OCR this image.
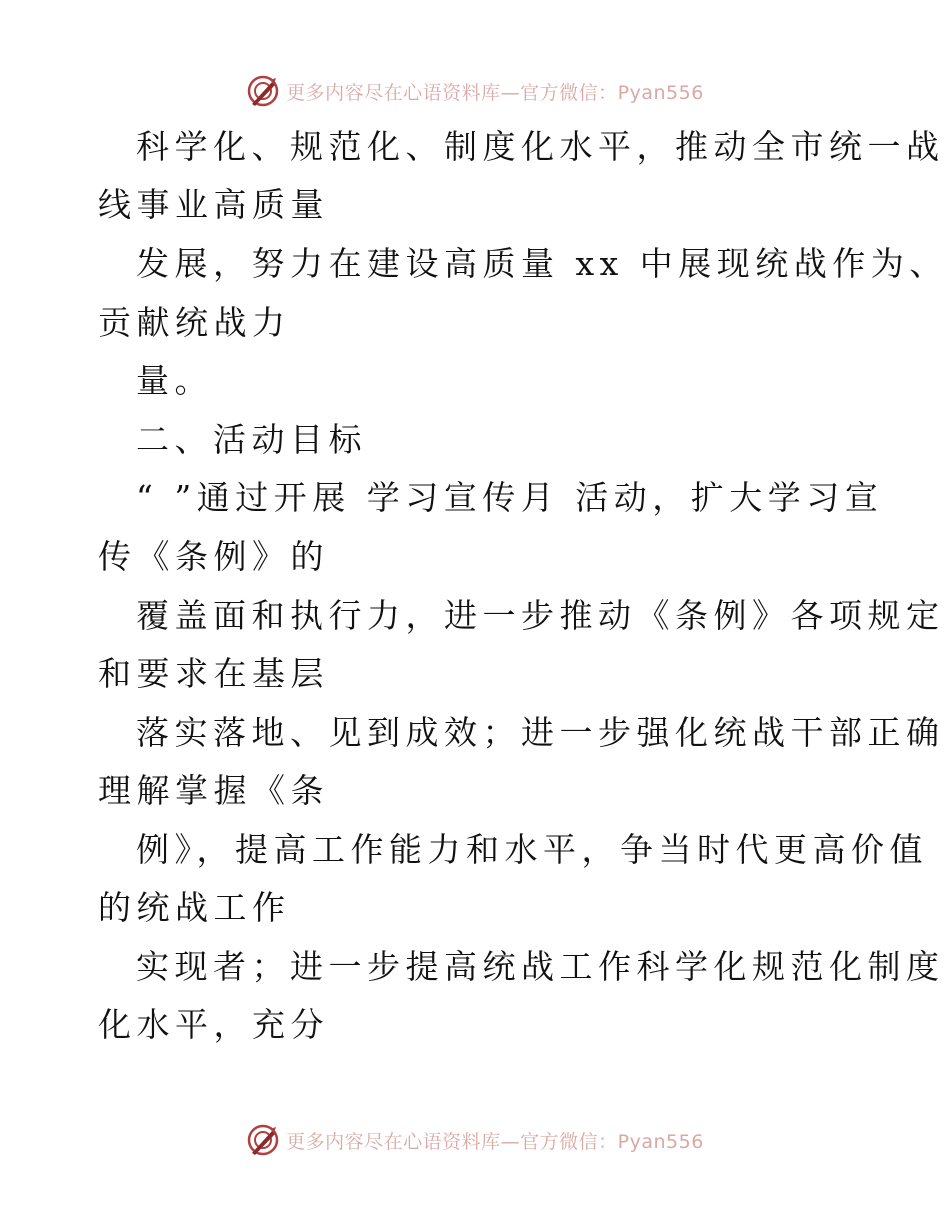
更多内容尽在心语资料库—官方微信：Pyan556
科学化、规范化、制度化水平，推动全市统一战
线事业高质量
发展，努力在建设高质量 xx 中展现统战作为、
贡献统战力
量。
二、活动目标
“ ”通过开展 学习宣传月 活动，扩大学习宣
传《条例》的
覆盖面和执行力，进一步推动《条例》各项规定
和要求在基层
落实落地、见到成效；进一步强化统战干部正确
理解掌握《条
例》，提高工作能力和水平，争当时代更高价值
的统战工作
实现者；进一步提高统战工作科学化规范化制度
化水平，充分
更多内容尽在心语资料库—官方微信：Pyan556
